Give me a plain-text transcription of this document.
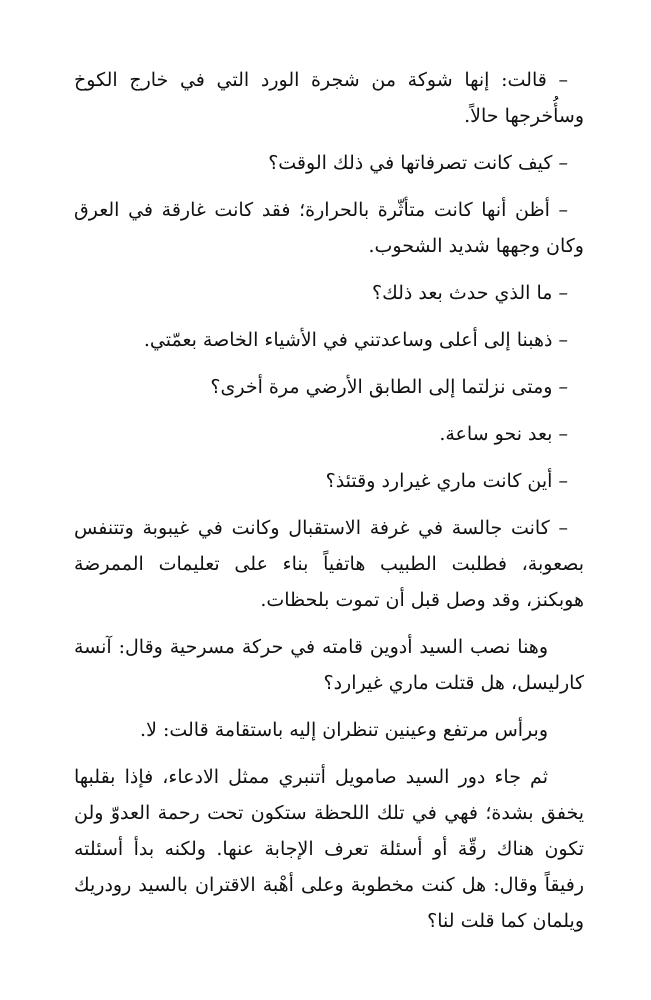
– قالت: إنها شوكة من شجرة الورد التي في خارج الكوخ وسأُخرجها حالاً.

– كيف كانت تصرفاتها في ذلك الوقت؟

– أظن أنها كانت متأثّرة بالحرارة؛ فقد كانت غارقة في العرق وكان وجهها شديد الشحوب.

– ما الذي حدث بعد ذلك؟

– ذهبنا إلى أعلى وساعدتني في الأشياء الخاصة بعمّتي.

– ومتى نزلتما إلى الطابق الأرضي مرة أخرى؟

– بعد نحو ساعة.

– أين كانت ماري غيرارد وقتئذ؟

– كانت جالسة في غرفة الاستقبال وكانت في غيبوبة وتتنفس بصعوبة، فطلبت الطبيب هاتفياً بناء على تعليمات الممرضة هوبكنز، وقد وصل قبل أن تموت بلحظات.

وهنا نصب السيد أدوين قامته في حركة مسرحية وقال: آنسة كارليسل، هل قتلت ماري غيرارد؟

وبرأس مرتفع وعينين تنظران إليه باستقامة قالت: لا.

ثم جاء دور السيد صامويل أتنبري ممثل الادعاء، فإذا بقلبها يخفق بشدة؛ فهي في تلك اللحظة ستكون تحت رحمة العدوّ ولن تكون هناك رقّة أو أسئلة تعرف الإجابة عنها. ولكنه بدأ أسئلته رفيقاً وقال: هل كنت مخطوبة وعلى أهْبة الاقتران بالسيد رودريك ويلمان كما قلت لنا؟
